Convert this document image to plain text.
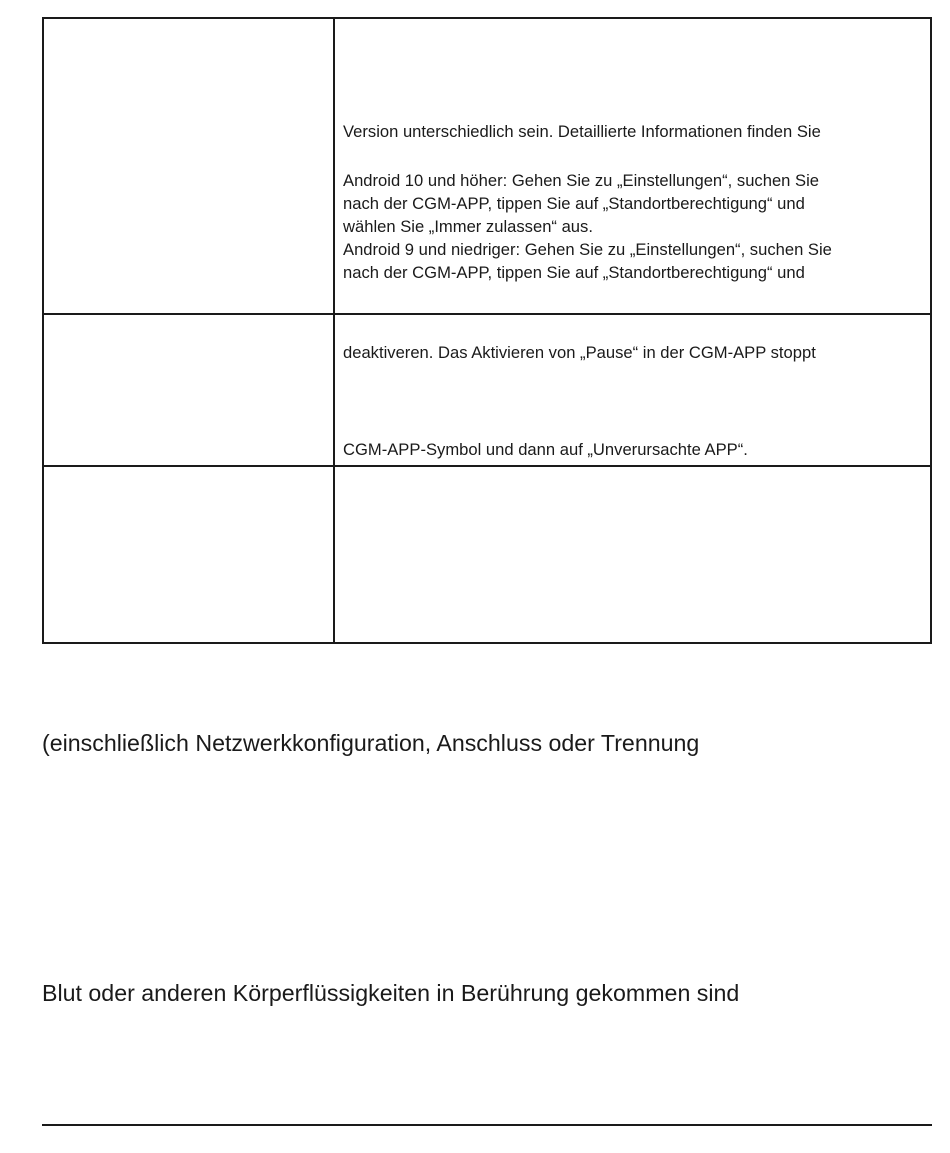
Version unterschiedlich sein. Detaillierte Informationen finden Sie

Android 10 und höher: Gehen Sie zu „Einstellungen“, suchen Sie

nach der CGM-APP, tippen Sie auf „Standortberechtigung“ und

wählen Sie „Immer zulassen“ aus.

Android 9 und niedriger: Gehen Sie zu „Einstellungen“, suchen Sie

nach der CGM-APP, tippen Sie auf „Standortberechtigung“ und

deaktiveren. Das Aktivieren von „Pause“ in der CGM-APP stoppt

CGM-APP-Symbol und dann auf „Unverursachte APP“.

(einschließlich Netzwerkkonfiguration, Anschluss oder Trennung

Blut oder anderen Körperflüssigkeiten in Berührung gekommen sind
